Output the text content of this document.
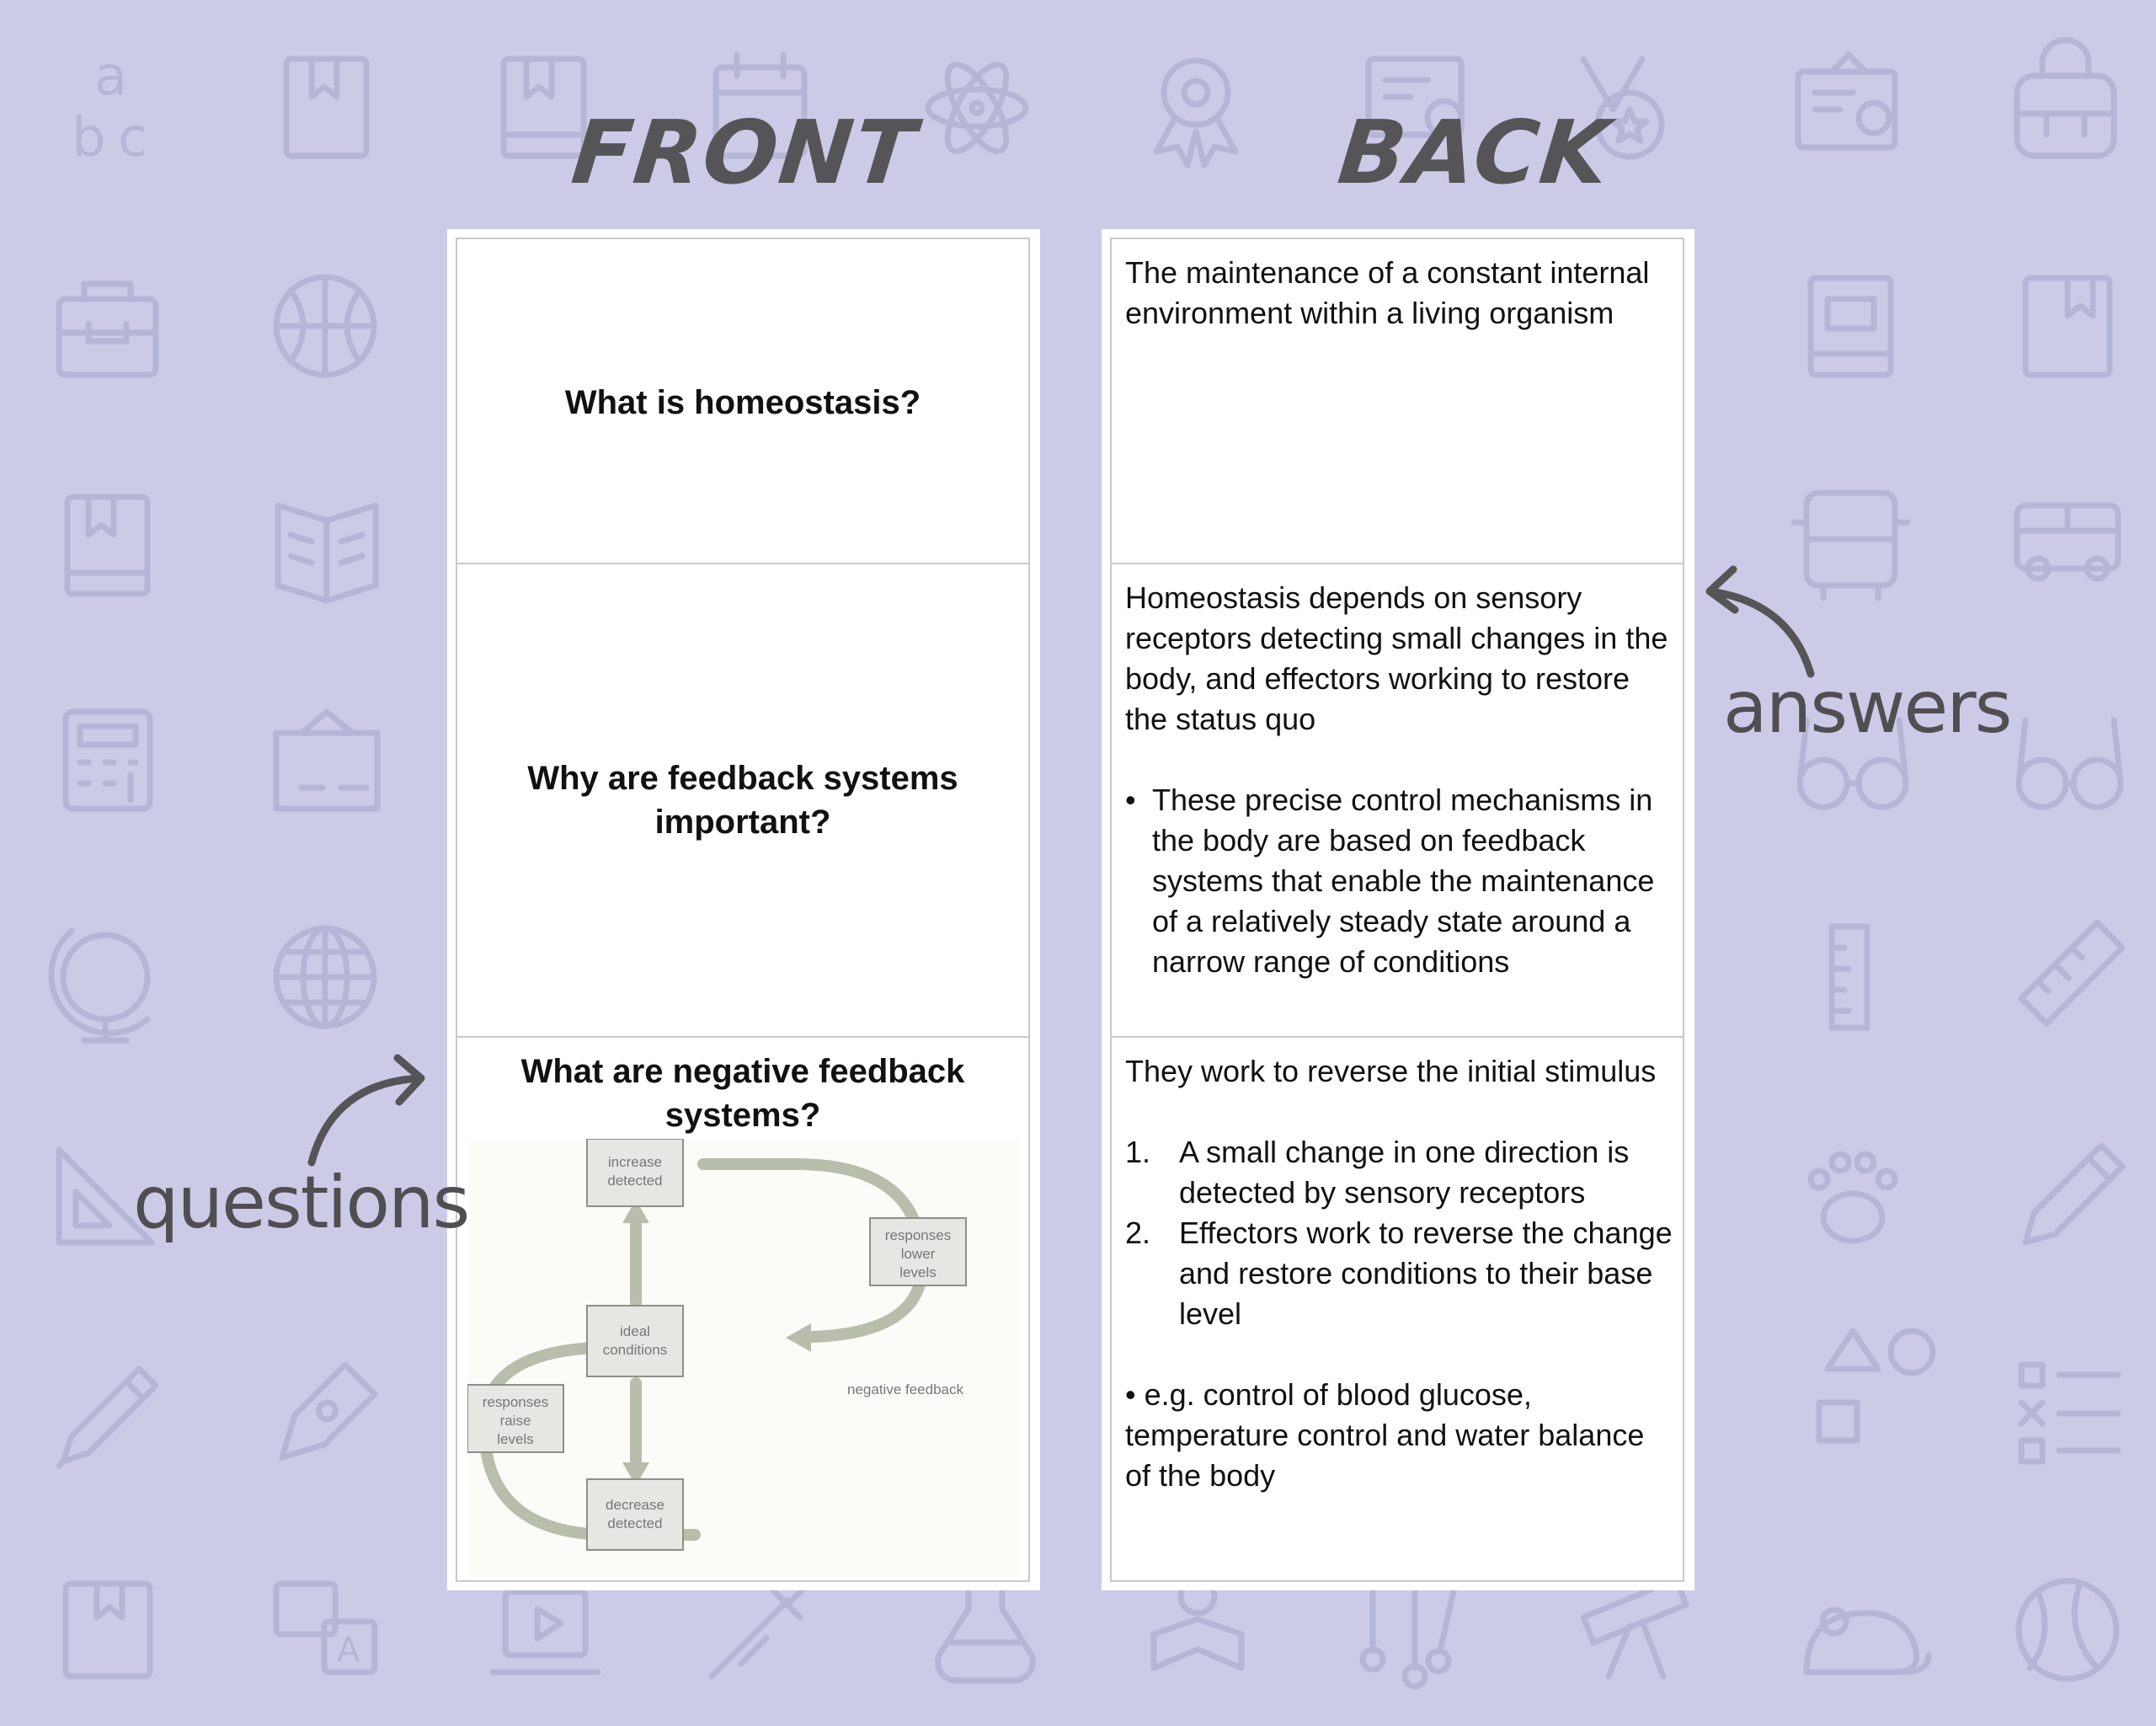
b c
a
A
FRONT	BACK
What is homeostasis?
Why are feedback systems important?
What are negative feedback systems?
increase detected
responses lower levels
ideal conditions
responses raise levels
decrease detected
negative feedback

The maintenance of a constant internal environment within a living organism

Homeostasis depends on sensory receptors detecting small changes in the body, and effectors working to restore the status quo

• These precise control mechanisms in the body are based on feedback systems that enable the maintenance of a relatively steady state around a narrow range of conditions

They work to reverse the initial stimulus

1. A small change in one direction is detected by sensory receptors
2. Effectors work to reverse the change and restore conditions to their base level

• e.g. control of blood glucose, temperature control and water balance of the body

answers
questions
